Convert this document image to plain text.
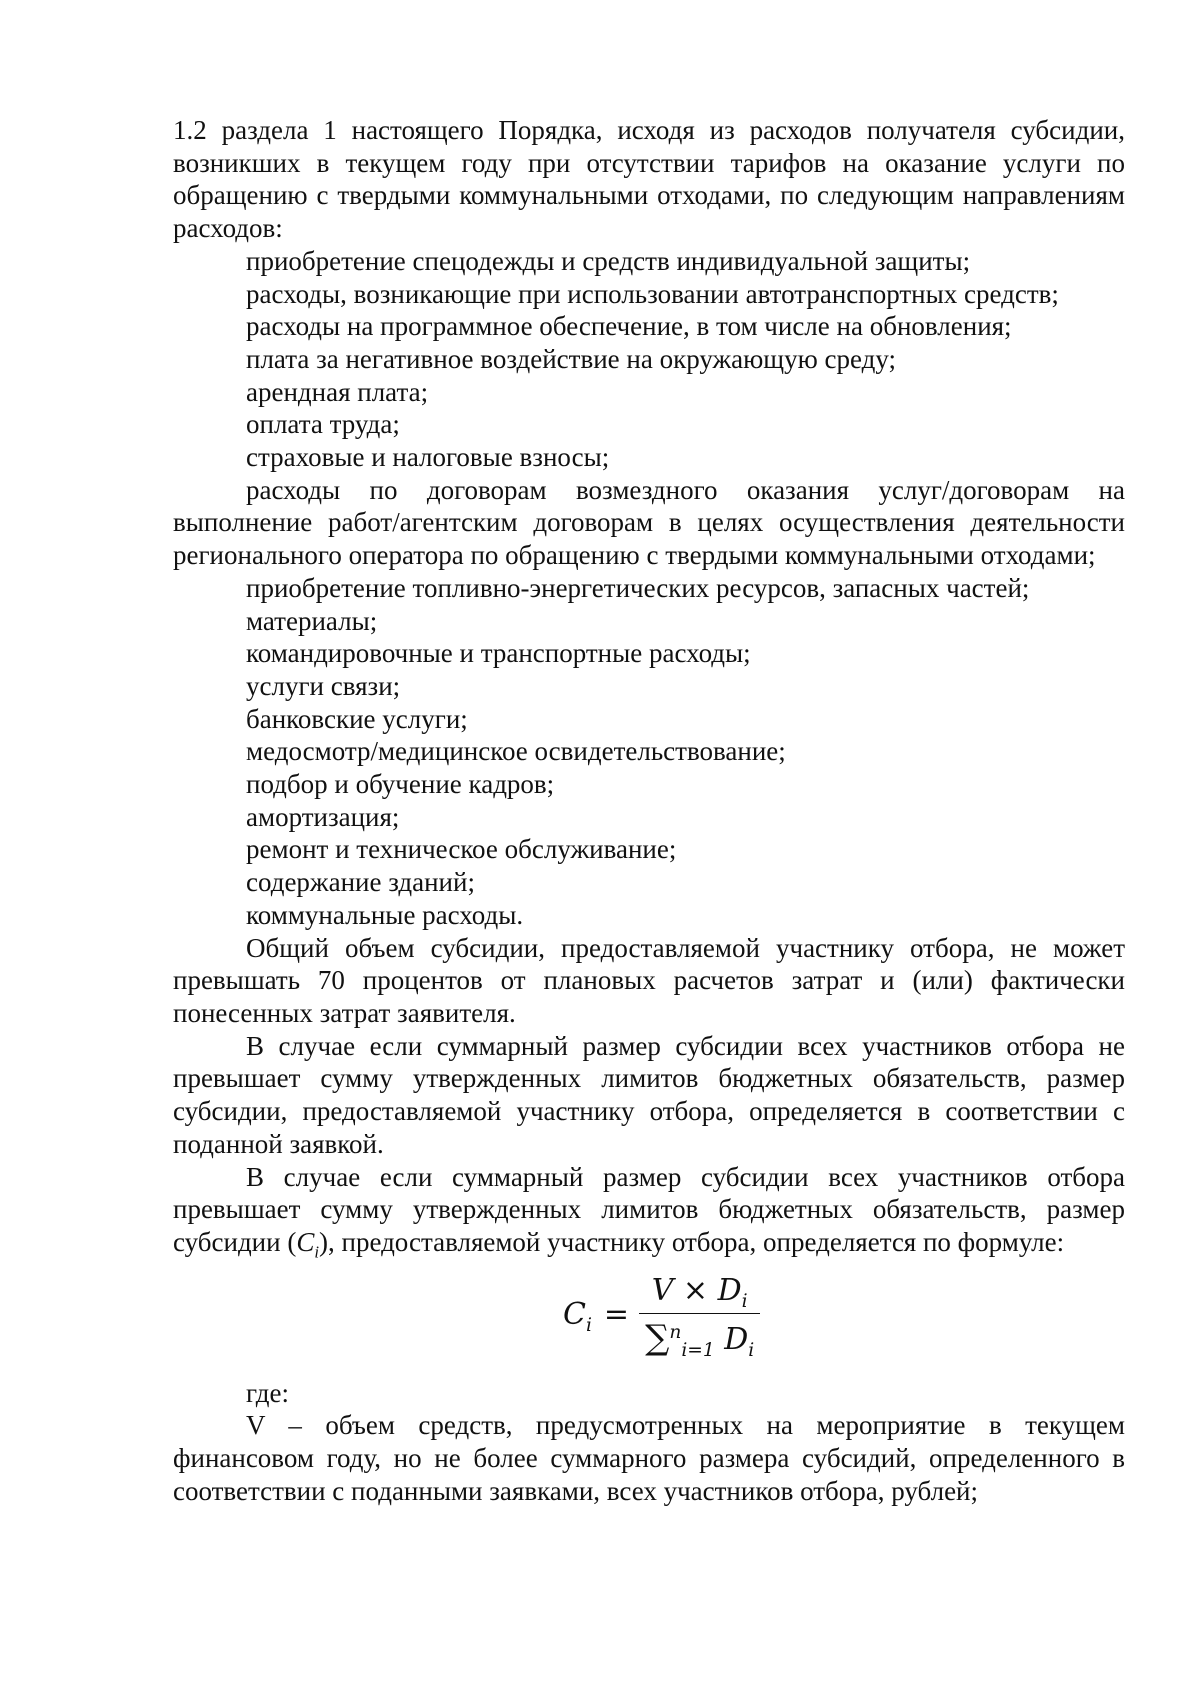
1.2 раздела 1 настоящего Порядка, исходя из расходов получателя субсидии, возникших в текущем году при отсутствии тарифов на оказание услуги по обращению с твердыми коммунальными отходами, по следующим направлениям расходов:

приобретение спецодежды и средств индивидуальной защиты;

расходы, возникающие при использовании автотранспортных средств;

расходы на программное обеспечение, в том числе на обновления;

плата за негативное воздействие на окружающую среду;

арендная плата;

оплата труда;

страховые и налоговые взносы;

расходы по договорам возмездного оказания услуг/договорам на выполнение работ/агентским договорам в целях осуществления деятельности регионального оператора по обращению с твердыми коммунальными отходами;

приобретение топливно-энергетических ресурсов, запасных частей;

материалы;

командировочные и транспортные расходы;

услуги связи;

банковские услуги;

медосмотр/медицинское освидетельствование;

подбор и обучение кадров;

амортизация;

ремонт и техническое обслуживание;

содержание зданий;

коммунальные расходы.

Общий объем субсидии, предоставляемой участнику отбора, не может превышать 70 процентов от плановых расчетов затрат и (или) фактически понесенных затрат заявителя.

В случае если суммарный размер субсидии всех участников отбора не превышает сумму утвержденных лимитов бюджетных обязательств, размер субсидии, предоставляемой участнику отбора, определяется в соответствии с поданной заявкой.

В случае если суммарный размер субсидии всех участников отбора превышает сумму утвержденных лимитов бюджетных обязательств, размер субсидии $(C_i)$, предоставляемой участнику отбора, определяется по формуле:

$C_i = \frac{V \times D_i}{\sum^n_{i=1} D_i}$

где:

V – объем средств, предусмотренных на мероприятие в текущем финансовом году, но не более суммарного размера субсидий, определенного в соответствии с поданными заявками, всех участников отбора, рублей;
